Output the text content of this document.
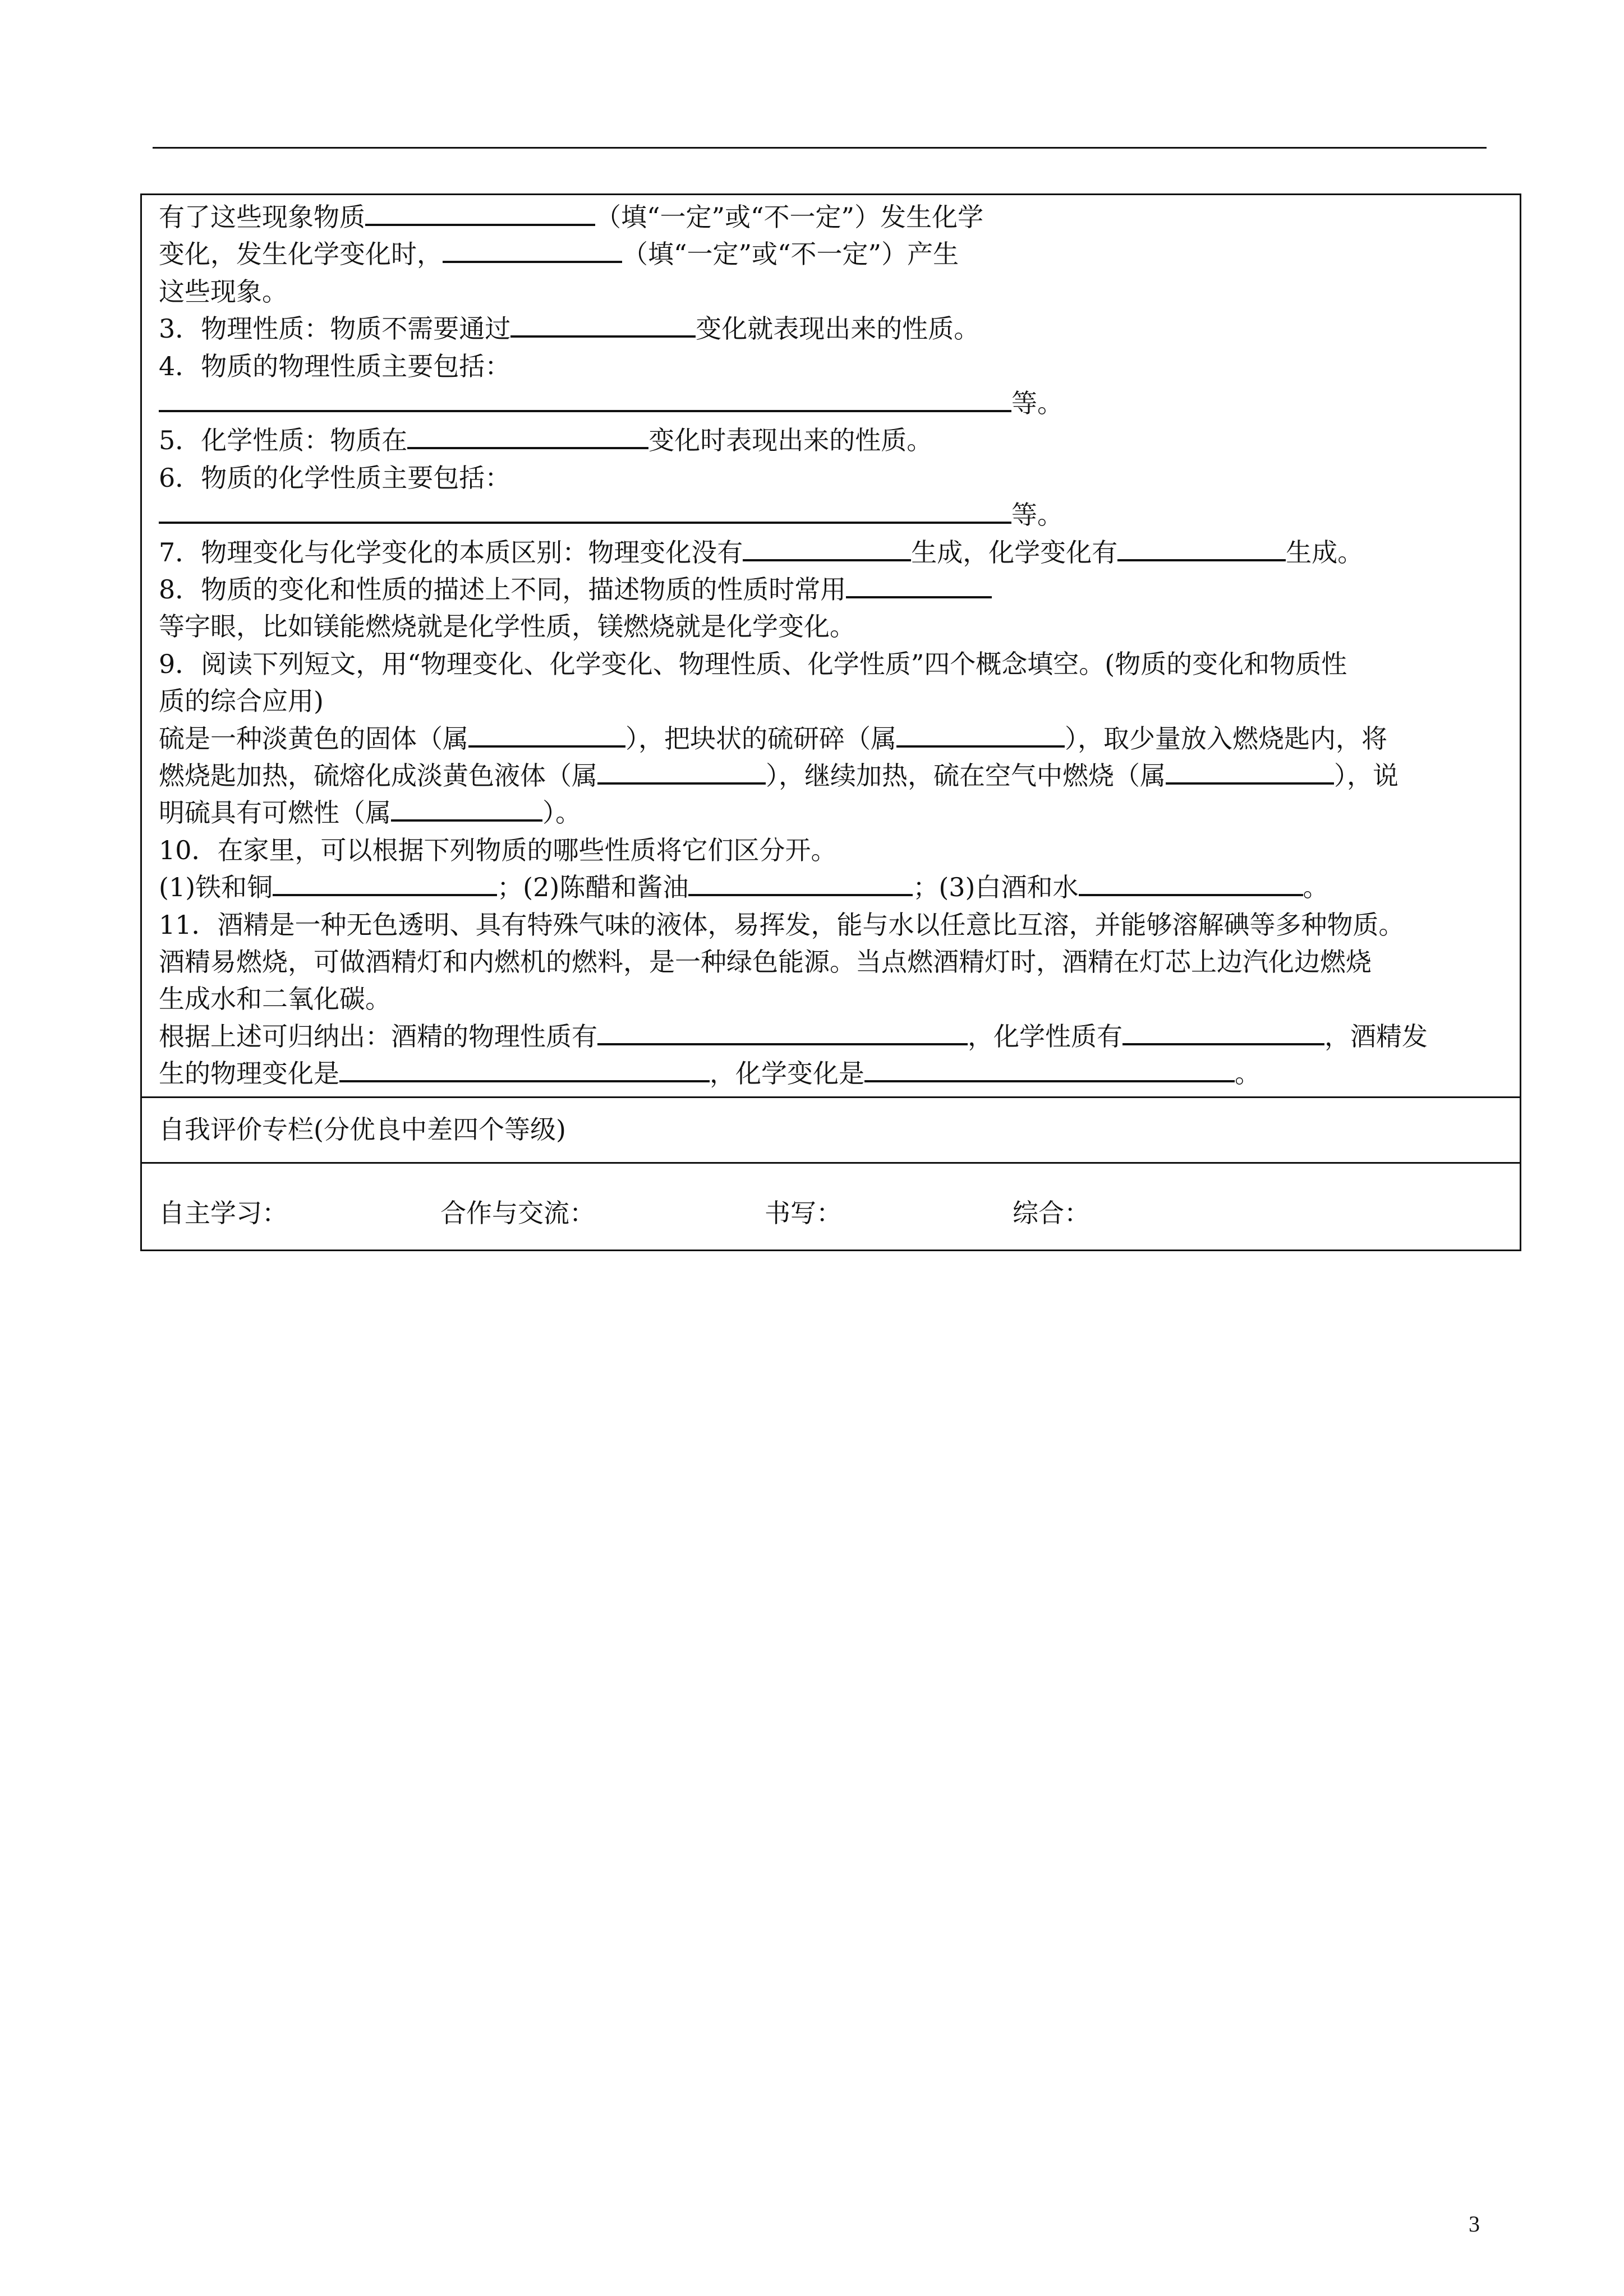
有了这些现象物质	（填“一定”或“不一定”）发生化学
变化，发生化学变化时，	（填“一定”或“不一定”）产生
这些现象。
3．物理性质：物质不需要通过	变化就表现出来的性质。
4．物质的物理性质主要包括：
等。
5．化学性质：物质在	变化时表现出来的性质。
6．物质的化学性质主要包括：
等。
7．物理变化与化学变化的本质区别：物理变化没有	生成，化学变化有	生成。
8．物质的变化和性质的描述上不同，描述物质的性质时常用
等字眼，比如镁能燃烧就是化学性质，镁燃烧就是化学变化。
9．阅读下列短文，用“物理变化、化学变化、物理性质、化学性质”四个概念填空。(物质的变化和物质性
质的综合应用)
硫是一种淡黄色的固体（属	），把块状的硫研碎（属	），取少量放入燃烧匙内，将
燃烧匙加热，硫熔化成淡黄色液体（属	），继续加热，硫在空气中燃烧（属	），说
明硫具有可燃性（属	）。
10．在家里，可以根据下列物质的哪些性质将它们区分开。
(1)铁和铜	；(2)陈醋和酱油	；(3)白酒和水	。
11．酒精是一种无色透明、具有特殊气味的液体，易挥发，能与水以任意比互溶，并能够溶解碘等多种物质。
酒精易燃烧，可做酒精灯和内燃机的燃料，是一种绿色能源。当点燃酒精灯时，酒精在灯芯上边汽化边燃烧
生成水和二氧化碳。
根据上述可归纳出：酒精的物理性质有	，化学性质有	，酒精发
生的物理变化是	，化学变化是	。
自我评价专栏(分优良中差四个等级)
自主学习：	合作与交流：	书写：	综合：
3
